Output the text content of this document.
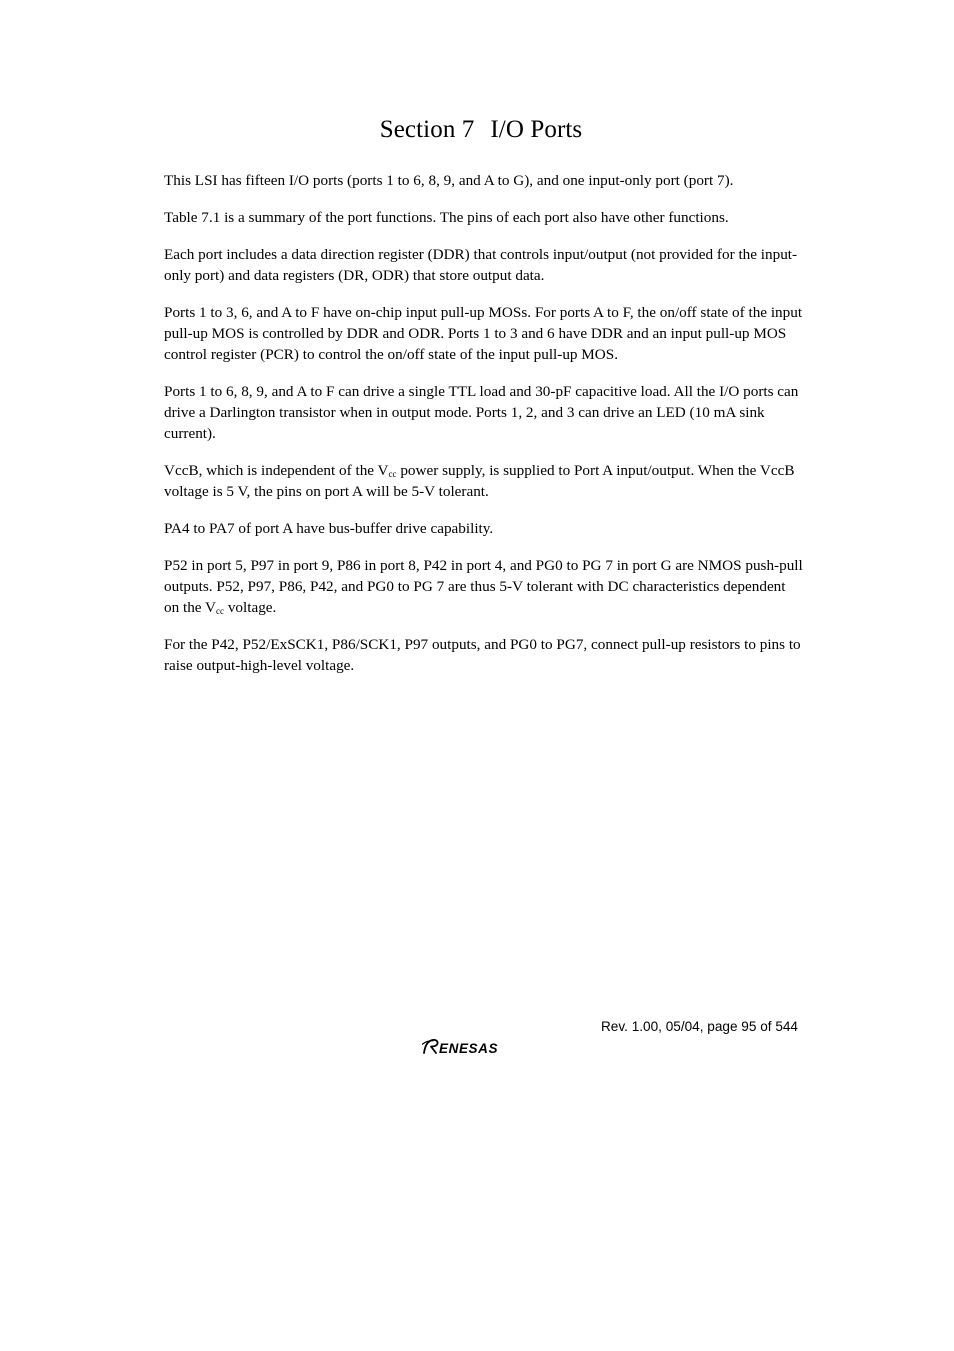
Section 7 I/O Ports

This LSI has fifteen I/O ports (ports 1 to 6, 8, 9, and A to G), and one input-only port (port 7).

Table 7.1 is a summary of the port functions. The pins of each port also have other functions.

Each port includes a data direction register (DDR) that controls input/output (not provided for the input-only port) and data registers (DR, ODR) that store output data.

Ports 1 to 3, 6, and A to F have on-chip input pull-up MOSs. For ports A to F, the on/off state of the input pull-up MOS is controlled by DDR and ODR. Ports 1 to 3 and 6 have DDR and an input pull-up MOS control register (PCR) to control the on/off state of the input pull-up MOS.

Ports 1 to 6, 8, 9, and A to F can drive a single TTL load and 30-pF capacitive load. All the I/O ports can drive a Darlington transistor when in output mode. Ports 1, 2, and 3 can drive an LED (10 mA sink current).

VccB, which is independent of the $V_{cc}$ power supply, is supplied to Port A input/output. When the VccB voltage is 5 V, the pins on port A will be 5-V tolerant.

PA4 to PA7 of port A have bus-buffer drive capability.

P52 in port 5, P97 in port 9, P86 in port 8, P42 in port 4, and PG0 to PG 7 in port G are NMOS push-pull outputs. P52, P97, P86, P42, and PG0 to PG 7 are thus 5-V tolerant with DC characteristics dependent on the $V_{cc}$ voltage.

For the P42, P52/ExSCK1, P86/SCK1, P97 outputs, and PG0 to PG7, connect pull-up resistors to pins to raise output-high-level voltage.

Rev. 1.00, 05/04, page 95 of 544
ENESAS
